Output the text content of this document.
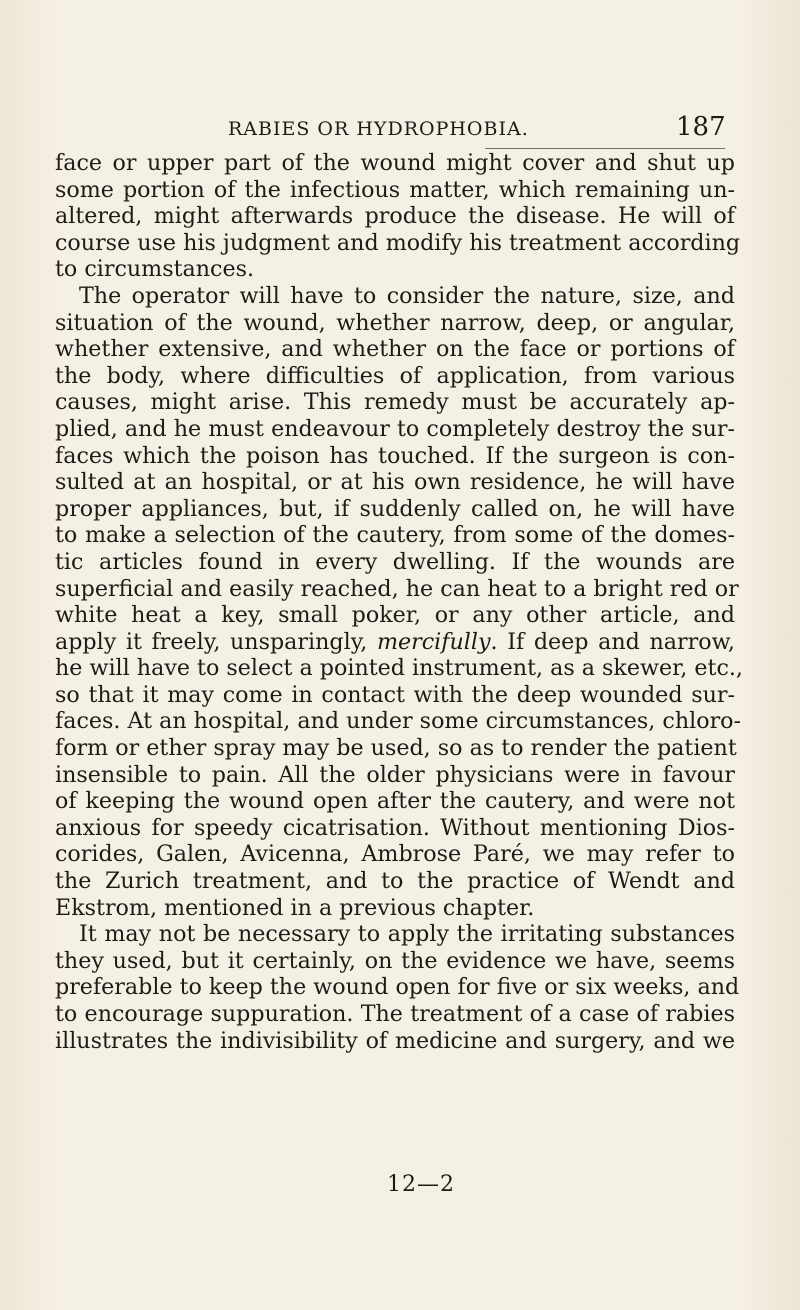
RABIES OR HYDROPHOBIA.	187
face or upper part of the wound might cover and shut up
some portion of the infectious matter, which remaining un-
altered, might afterwards produce the disease. He will of
course use his judgment and modify his treatment according
to circumstances.
The operator will have to consider the nature, size, and
situation of the wound, whether narrow, deep, or angular,
whether extensive, and whether on the face or portions of
the body, where difficulties of application, from various
causes, might arise. This remedy must be accurately ap-
plied, and he must endeavour to completely destroy the sur-
faces which the poison has touched. If the surgeon is con-
sulted at an hospital, or at his own residence, he will have
proper appliances, but, if suddenly called on, he will have
to make a selection of the cautery, from some of the domes-
tic articles found in every dwelling. If the wounds are
superficial and easily reached, he can heat to a bright red or
white heat a key, small poker, or any other article, and
apply it freely, unsparingly, mercifully. If deep and narrow,
he will have to select a pointed instrument, as a skewer, etc.,
so that it may come in contact with the deep wounded sur-
faces. At an hospital, and under some circumstances, chloro-
form or ether spray may be used, so as to render the patient
insensible to pain. All the older physicians were in favour
of keeping the wound open after the cautery, and were not
anxious for speedy cicatrisation. Without mentioning Dios-
corides, Galen, Avicenna, Ambrose Paré, we may refer to
the Zurich treatment, and to the practice of Wendt and
Ekstrom, mentioned in a previous chapter.
It may not be necessary to apply the irritating substances
they used, but it certainly, on the evidence we have, seems
preferable to keep the wound open for five or six weeks, and
to encourage suppuration. The treatment of a case of rabies
illustrates the indivisibility of medicine and surgery, and we
12—2
